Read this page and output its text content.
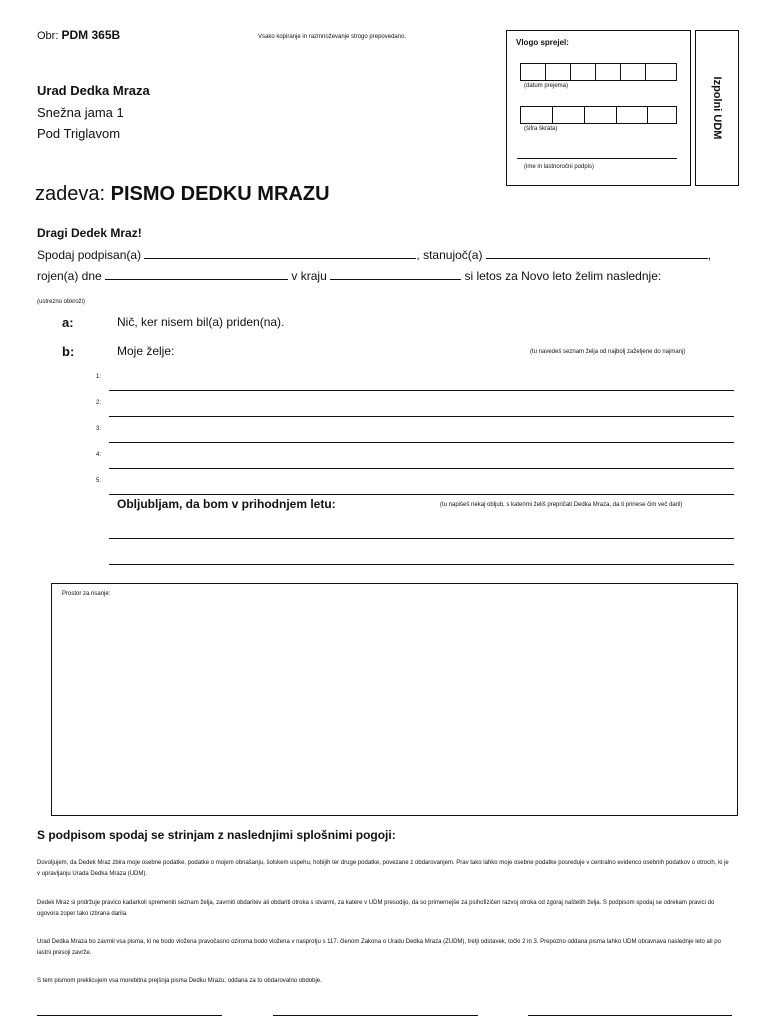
Obr: PDM 365B	Vsako kopiranje in razmnoževanje strogo prepovedano.
Vlogo sprejel:
(datum prejema)
(šifra škrata)
(ime in lastnoročni podpis)
Izpolni UDM
Urad Dedka Mraza
Snežna jama 1
Pod Triglavom
zadeva: PISMO DEDKU MRAZU
Dragi Dedek Mraz!
Spodaj podpisan(a)	, stanujoč(a)	,
rojen(a) dne	v kraju	si letos za Novo leto želim naslednje:
(ustrezno obkroži)
a:	Nič, ker nisem bil(a) priden(na).
b:	Moje želje:	(tu navedeš seznam želja od najbolj zaželjene do najmanj)
1:
2:
3:
4:
5:
Obljubljam, da bom v prihodnjem letu:	(tu napišeš nekaj obljub, s katerimi želiš prepričati Dedka Mraza, da ti prinese čim več daril)
Prostor za risanje:
S podpisom spodaj se strinjam z naslednjimi splošnimi pogoji:
Dovoljujem, da Dedek Mraz zbira moje osebne podatke, podatke o mojem obnašanju, šolskem uspehu, hobijih ter druge podatke, povezane z obdarovanjem. Prav tako lahko moje osebne podatke posreduje v centralno evidenco osebnih podatkov o otrocih, ki je v upravljanju Urada Dedka Mraza (UDM).
Dedek Mraz si pridržuje pravico kadarkoli spremeniti seznam želja, zavrniti obdaritev ali obdariti otroka s stvarmi, za katere v UDM presodijo, da so primernejše za psihofizičen razvoj otroka od zgoraj naštetih želja. S podpisom spodaj se odrekam pravici do ugovora zoper tako izbrana darila.
Urad Dedka Mraza bo zavrnil vsa pisma, ki ne bodo vložena pravočasno oziroma bodo vložena v nasprotju s 117. členom Zakona o Uradu Dedka Mraza (ZUDM), tretji odstavek, točki 2 in 3. Prepozno oddana pisma lahko UDM obravnava naslednje leto ali po lastni presoji zavrže.
S tem pismom preklicujem vsa morebitna prejšnja pisma Dedku Mrazu, oddana za to obdarovalno obdobje.
